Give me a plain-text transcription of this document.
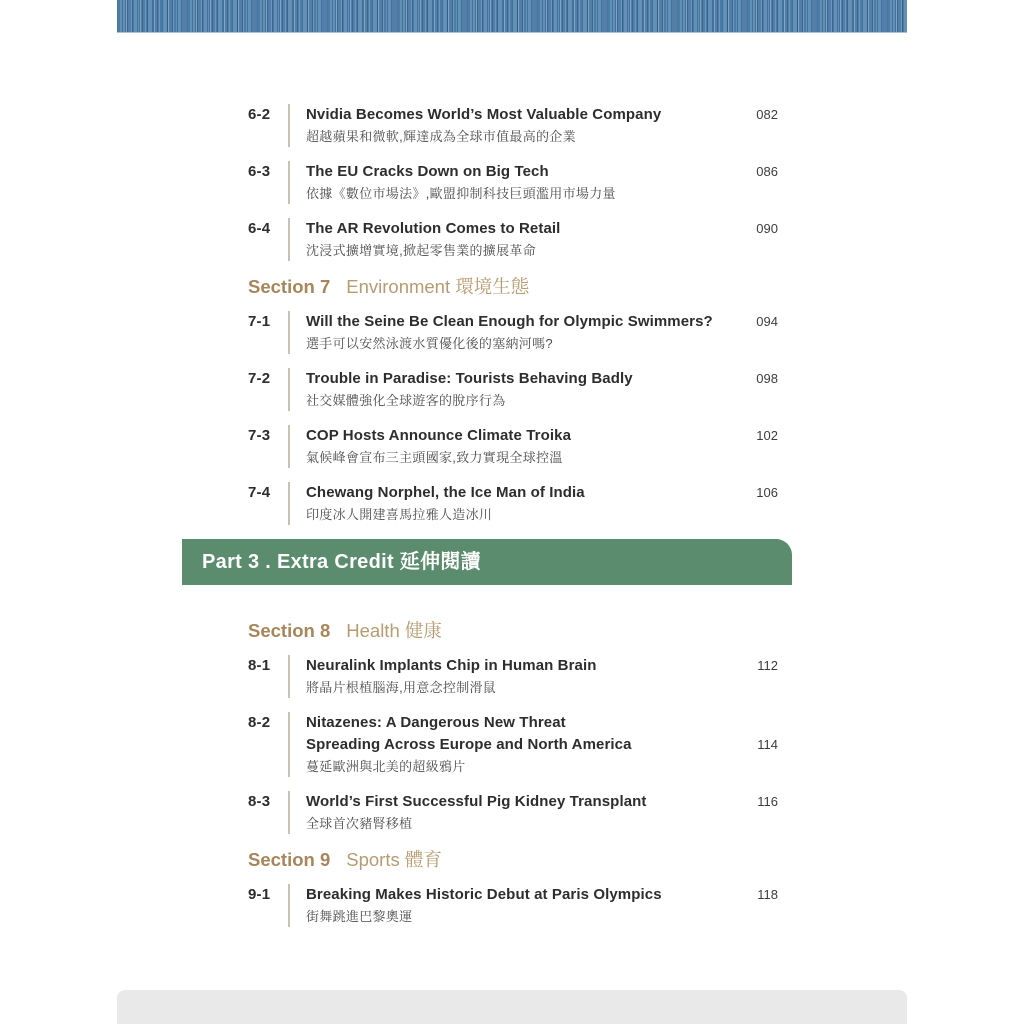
6-2	Nvidia Becomes World’s Most Valuable Company	082
超越蘋果和微軟,輝達成為全球市值最高的企業
6-3	The EU Cracks Down on Big Tech	086
依據《數位市場法》,歐盟抑制科技巨頭濫用市場力量
6-4	The AR Revolution Comes to Retail	090
沈浸式擴增實境,掀起零售業的擴展革命
Section 7 Environment 環境生態
7-1	Will the Seine Be Clean Enough for Olympic Swimmers?	094
選手可以安然泳渡水質優化後的塞納河嗎?
7-2	Trouble in Paradise: Tourists Behaving Badly	098
社交媒體強化全球遊客的脫序行為
7-3	COP Hosts Announce Climate Troika	102
氣候峰會宣布三主頭國家,致力實現全球控溫
7-4	Chewang Norphel, the Ice Man of India	106
印度冰人開建喜馬拉雅人造冰川
Part 3 . Extra Credit 延伸閱讀
Section 8 Health 健康
8-1	Neuralink Implants Chip in Human Brain	112
將晶片根植腦海,用意念控制滑鼠
8-2	Nitazenes: A Dangerous New Threat
Spreading Across Europe and North America	114
蔓延歐洲與北美的超級鴉片
8-3	World’s First Successful Pig Kidney Transplant	116
全球首次豬腎移植
Section 9 Sports 體育
9-1	Breaking Makes Historic Debut at Paris Olympics	118
街舞跳進巴黎奧運
